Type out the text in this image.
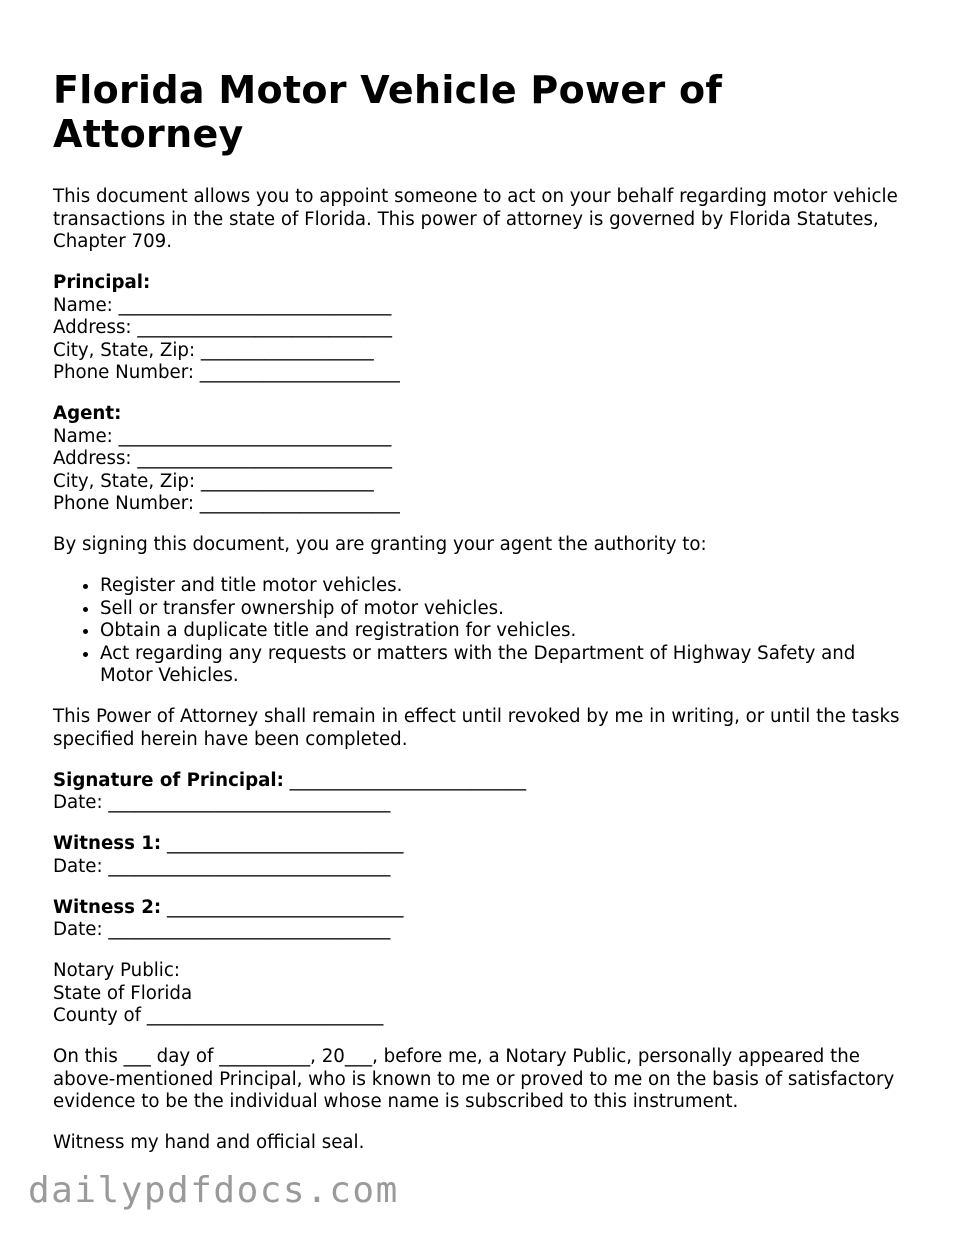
Florida Motor Vehicle Power of Attorney

This document allows you to appoint someone to act on your behalf regarding motor vehicle transactions in the state of Florida. This power of attorney is governed by Florida Statutes, Chapter 709.

Principal:
Name: ______________________________
Address: ____________________________
City, State, Zip: ___________________
Phone Number: ______________________
Agent:
Name: ______________________________
Address: ____________________________
City, State, Zip: ___________________
Phone Number: ______________________

By signing this document, you are granting your agent the authority to:

• Register and title motor vehicles.
• Sell or transfer ownership of motor vehicles.
• Obtain a duplicate title and registration for vehicles.
• Act regarding any requests or matters with the Department of Highway Safety and Motor Vehicles.

This Power of Attorney shall remain in effect until revoked by me in writing, or until the tasks specified herein have been completed.

Signature of Principal: __________________________
Date: _______________________________
Witness 1: __________________________
Date: _______________________________
Witness 2: __________________________
Date: _______________________________
Notary Public:
State of Florida
County of __________________________

On this ___ day of __________, 20___, before me, a Notary Public, personally appeared the above-mentioned Principal, who is known to me or proved to me on the basis of satisfactory evidence to be the individual whose name is subscribed to this instrument.

Witness my hand and official seal.

dailypdfdocs.com
